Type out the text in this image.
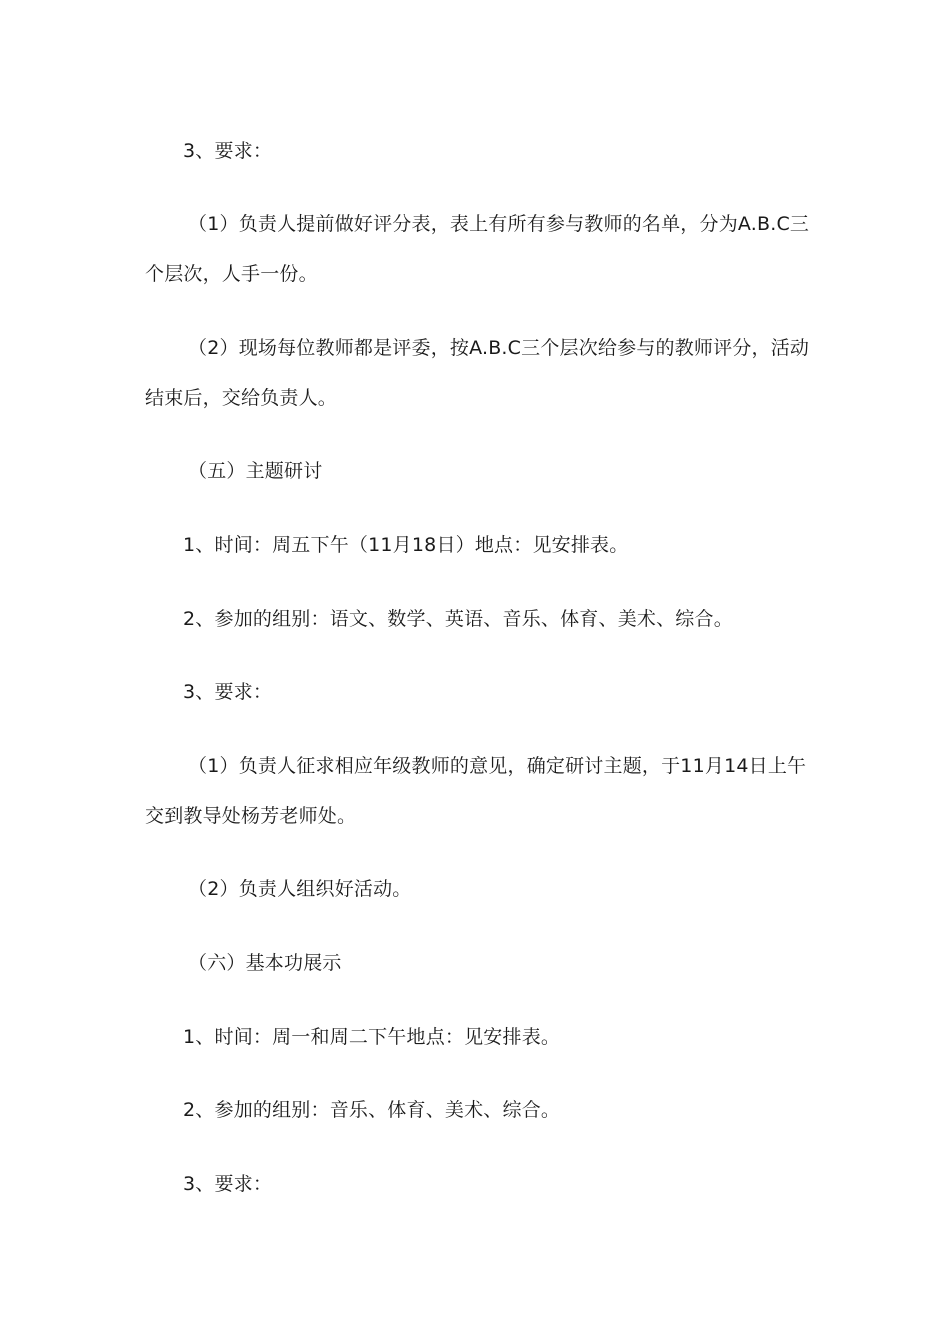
3、要求：

（1）负责人提前做好评分表，表上有所有参与教师的名单，分为A.B.C三个层次，人手一份。

（2）现场每位教师都是评委，按A.B.C三个层次给参与的教师评分，活动结束后，交给负责人。

（五）主题研讨

1、时间：周五下午（11月18日）地点：见安排表。

2、参加的组别：语文、数学、英语、音乐、体育、美术、综合。

3、要求：

（1）负责人征求相应年级教师的意见，确定研讨主题，于11月14日上午交到教导处杨芳老师处。

（2）负责人组织好活动。

（六）基本功展示

1、时间：周一和周二下午地点：见安排表。

2、参加的组别：音乐、体育、美术、综合。

3、要求：
